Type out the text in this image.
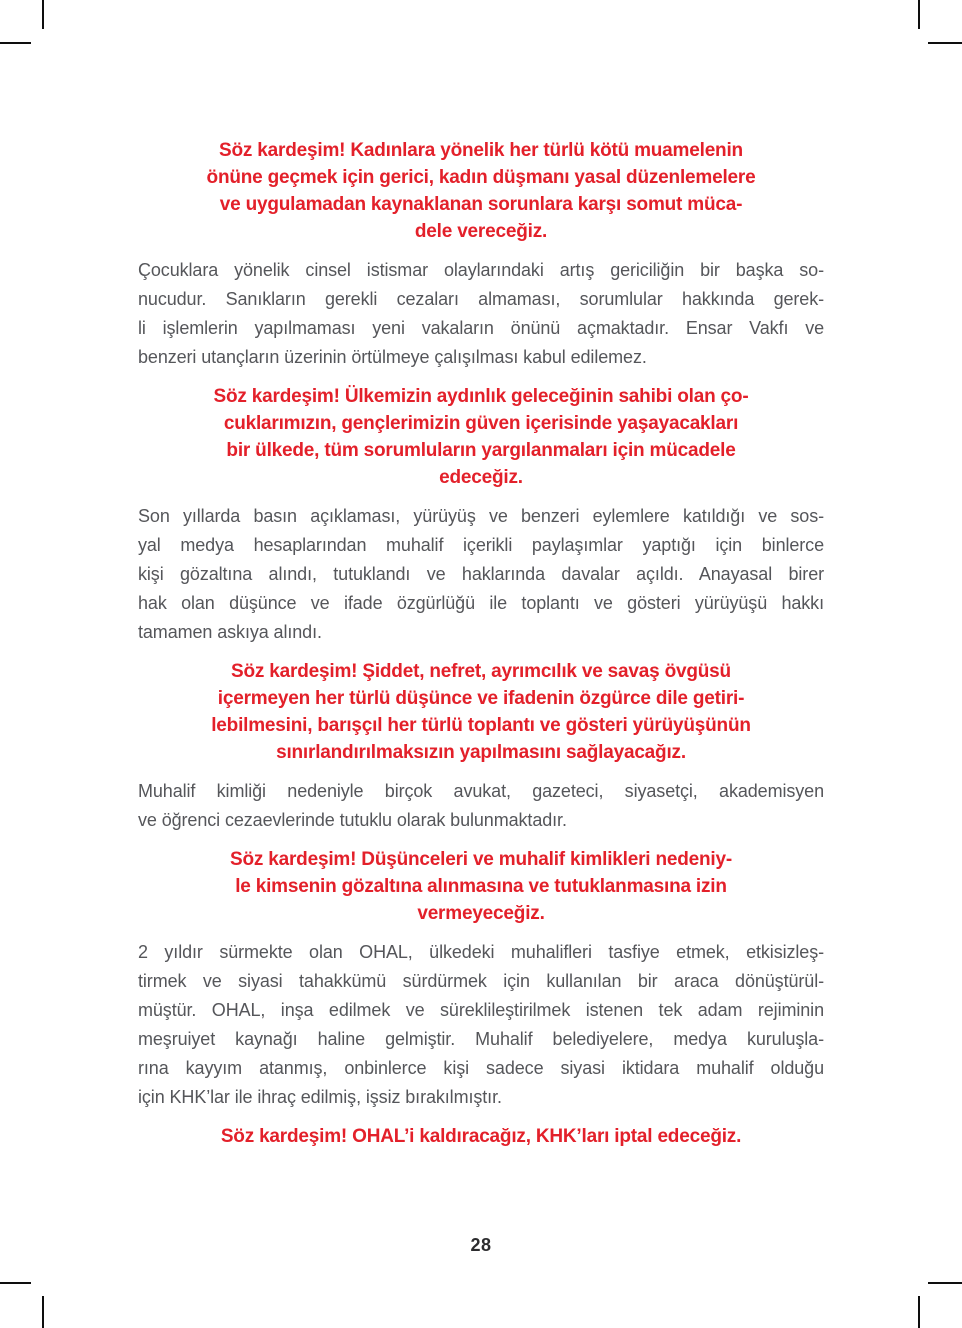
Söz kardeşim! Kadınlara yönelik her türlü kötü muamelenin
önüne geçmek için gerici, kadın düşmanı yasal düzenlemelere
ve uygulamadan kaynaklanan sorunlara karşı somut müca-
dele vereceğiz.
Çocuklara yönelik cinsel istismar olaylarındaki artış gericiliğin bir başka so-
nucudur. Sanıkların gerekli cezaları almaması, sorumlular hakkında gerek-
li işlemlerin yapılmaması yeni vakaların önünü açmaktadır. Ensar Vakfı ve
benzeri utançların üzerinin örtülmeye çalışılması kabul edilemez.
Söz kardeşim! Ülkemizin aydınlık geleceğinin sahibi olan ço-
cuklarımızın, gençlerimizin güven içerisinde yaşayacakları
bir ülkede, tüm sorumluların yargılanmaları için mücadele
edeceğiz.
Son yıllarda basın açıklaması, yürüyüş ve benzeri eylemlere katıldığı ve sos-
yal medya hesaplarından muhalif içerikli paylaşımlar yaptığı için binlerce
kişi gözaltına alındı, tutuklandı ve haklarında davalar açıldı. Anayasal birer
hak olan düşünce ve ifade özgürlüğü ile toplantı ve gösteri yürüyüşü hakkı
tamamen askıya alındı.
Söz kardeşim! Şiddet, nefret, ayrımcılık ve savaş övgüsü
içermeyen her türlü düşünce ve ifadenin özgürce dile getiri-
lebilmesini, barışçıl her türlü toplantı ve gösteri yürüyüşünün
sınırlandırılmaksızın yapılmasını sağlayacağız.
Muhalif kimliği nedeniyle birçok avukat, gazeteci, siyasetçi, akademisyen
ve öğrenci cezaevlerinde tutuklu olarak bulunmaktadır.
Söz kardeşim! Düşünceleri ve muhalif kimlikleri nedeniy-
le kimsenin gözaltına alınmasına ve tutuklanmasına izin
vermeyeceğiz.
2 yıldır sürmekte olan OHAL, ülkedeki muhalifleri tasfiye etmek, etkisizleş-
tirmek ve siyasi tahakkümü sürdürmek için kullanılan bir araca dönüştürül-
müştür. OHAL, inşa edilmek ve süreklileştirilmek istenen tek adam rejiminin
meşruiyet kaynağı haline gelmiştir. Muhalif belediyelere, medya kuruluşla-
rına kayyım atanmış, onbinlerce kişi sadece siyasi iktidara muhalif olduğu
için KHK’lar ile ihraç edilmiş, işsiz bırakılmıştır.
Söz kardeşim! OHAL’i kaldıracağız, KHK’ları iptal edeceğiz.
28
